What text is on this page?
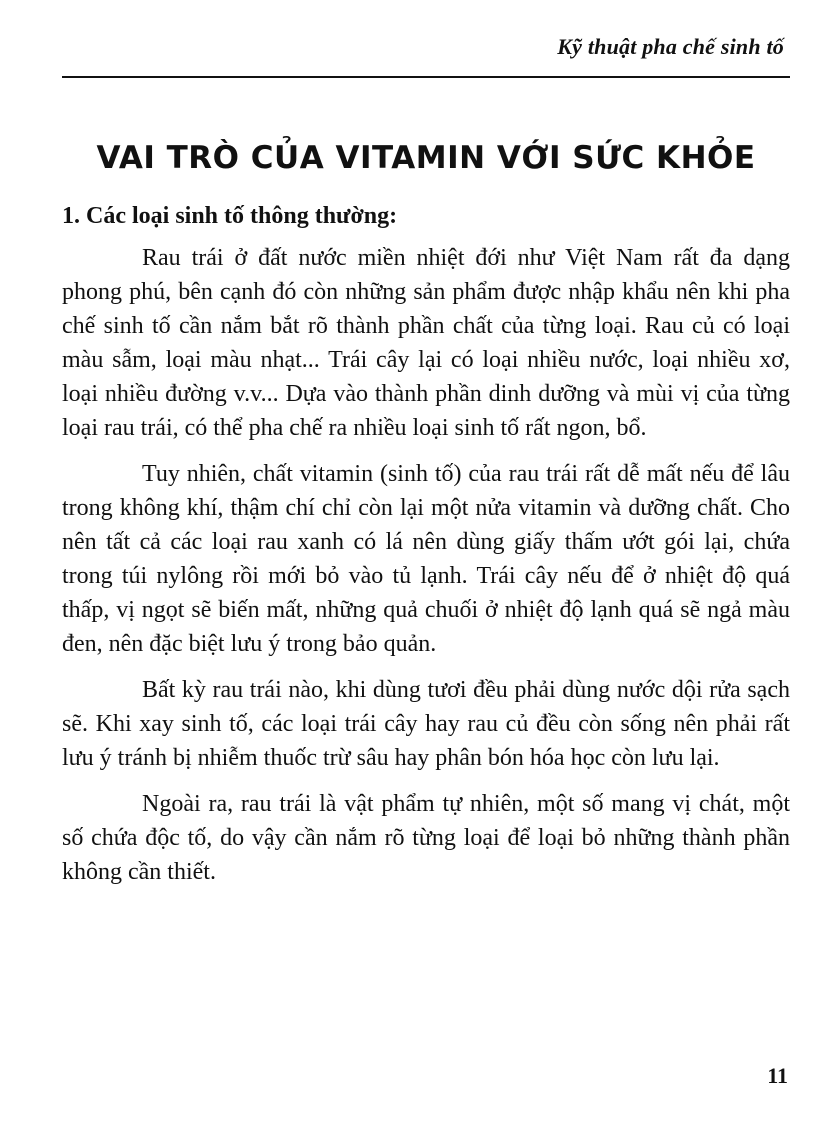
Kỹ thuật pha chế sinh tố
VAI TRÒ CỦA VITAMIN VỚI SỨC KHỎE
1. Các loại sinh tố thông thường:

Rau trái ở đất nước miền nhiệt đới như Việt Nam rất đa dạng phong phú, bên cạnh đó còn những sản phẩm được nhập khẩu nên khi pha chế sinh tố cần nắm bắt rõ thành phần chất của từng loại. Rau củ có loại màu sẫm, loại màu nhạt... Trái cây lại có loại nhiều nước, loại nhiều xơ, loại nhiều đường v.v... Dựa vào thành phần dinh dưỡng và mùi vị của từng loại rau trái, có thể pha chế ra nhiều loại sinh tố rất ngon, bổ.

Tuy nhiên, chất vitamin (sinh tố) của rau trái rất dễ mất nếu để lâu trong không khí, thậm chí chỉ còn lại một nửa vitamin và dưỡng chất. Cho nên tất cả các loại rau xanh có lá nên dùng giấy thấm ướt gói lại, chứa trong túi nylông rồi mới bỏ vào tủ lạnh. Trái cây nếu để ở nhiệt độ quá thấp, vị ngọt sẽ biến mất, những quả chuối ở nhiệt độ lạnh quá sẽ ngả màu đen, nên đặc biệt lưu ý trong bảo quản.

Bất kỳ rau trái nào, khi dùng tươi đều phải dùng nước dội rửa sạch sẽ. Khi xay sinh tố, các loại trái cây hay rau củ đều còn sống nên phải rất lưu ý tránh bị nhiễm thuốc trừ sâu hay phân bón hóa học còn lưu lại.

Ngoài ra, rau trái là vật phẩm tự nhiên, một số mang vị chát, một số chứa độc tố, do vậy cần nắm rõ từng loại để loại bỏ những thành phần không cần thiết.

11
